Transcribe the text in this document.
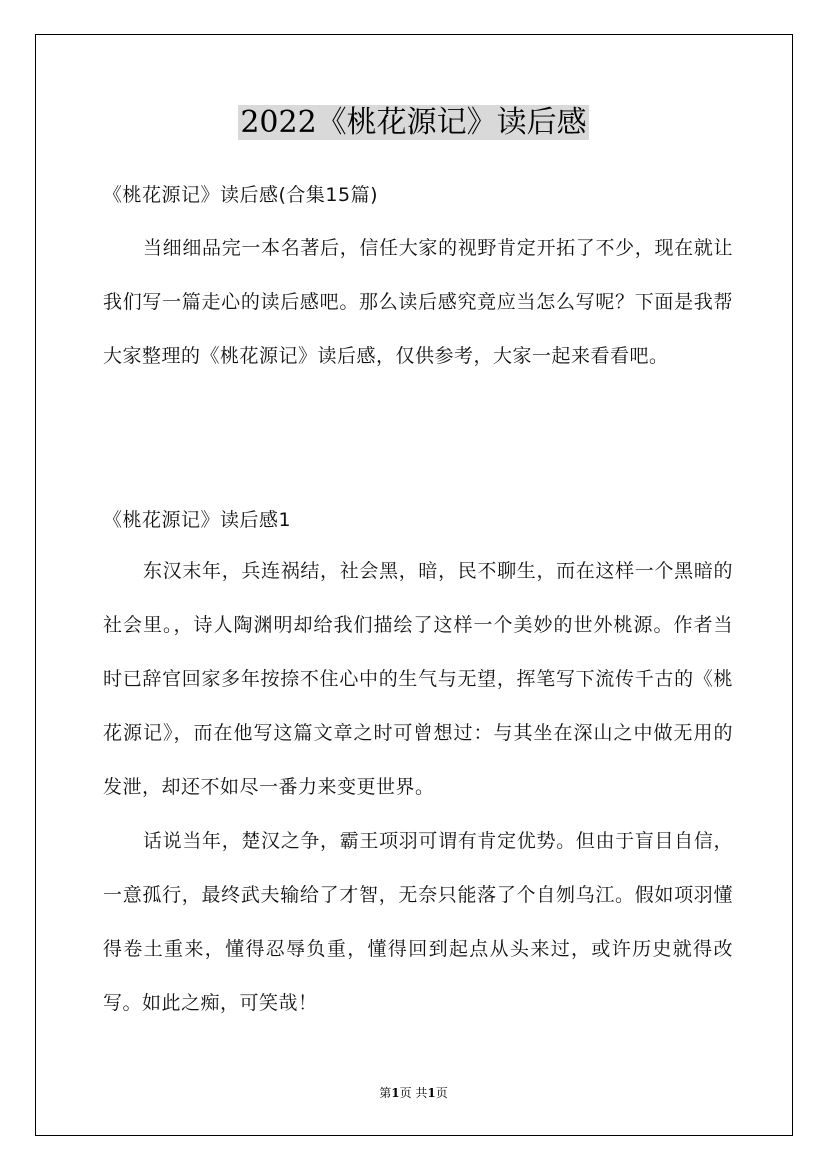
2022《桃花源记》读后感
《桃花源记》读后感(合集15篇)

当细细品完一本名著后，信任大家的视野肯定开拓了不少，现在就让我们写一篇走心的读后感吧。那么读后感究竟应当怎么写呢？下面是我帮大家整理的《桃花源记》读后感，仅供参考，大家一起来看看吧。

《桃花源记》读后感1

东汉末年，兵连祸结，社会黑，暗，民不聊生，而在这样一个黑暗的社会里。，诗人陶渊明却给我们描绘了这样一个美妙的世外桃源。作者当时已辞官回家多年按捺不住心中的生气与无望，挥笔写下流传千古的《桃花源记》，而在他写这篇文章之时可曾想过：与其坐在深山之中做无用的发泄，却还不如尽一番力来变更世界。

话说当年，楚汉之争，霸王项羽可谓有肯定优势。但由于盲目自信，一意孤行，最终武夫输给了才智，无奈只能落了个自刎乌江。假如项羽懂得卷土重来，懂得忍辱负重，懂得回到起点从头来过，或许历史就得改写。如此之痴，可笑哉！

第1页 共1页
